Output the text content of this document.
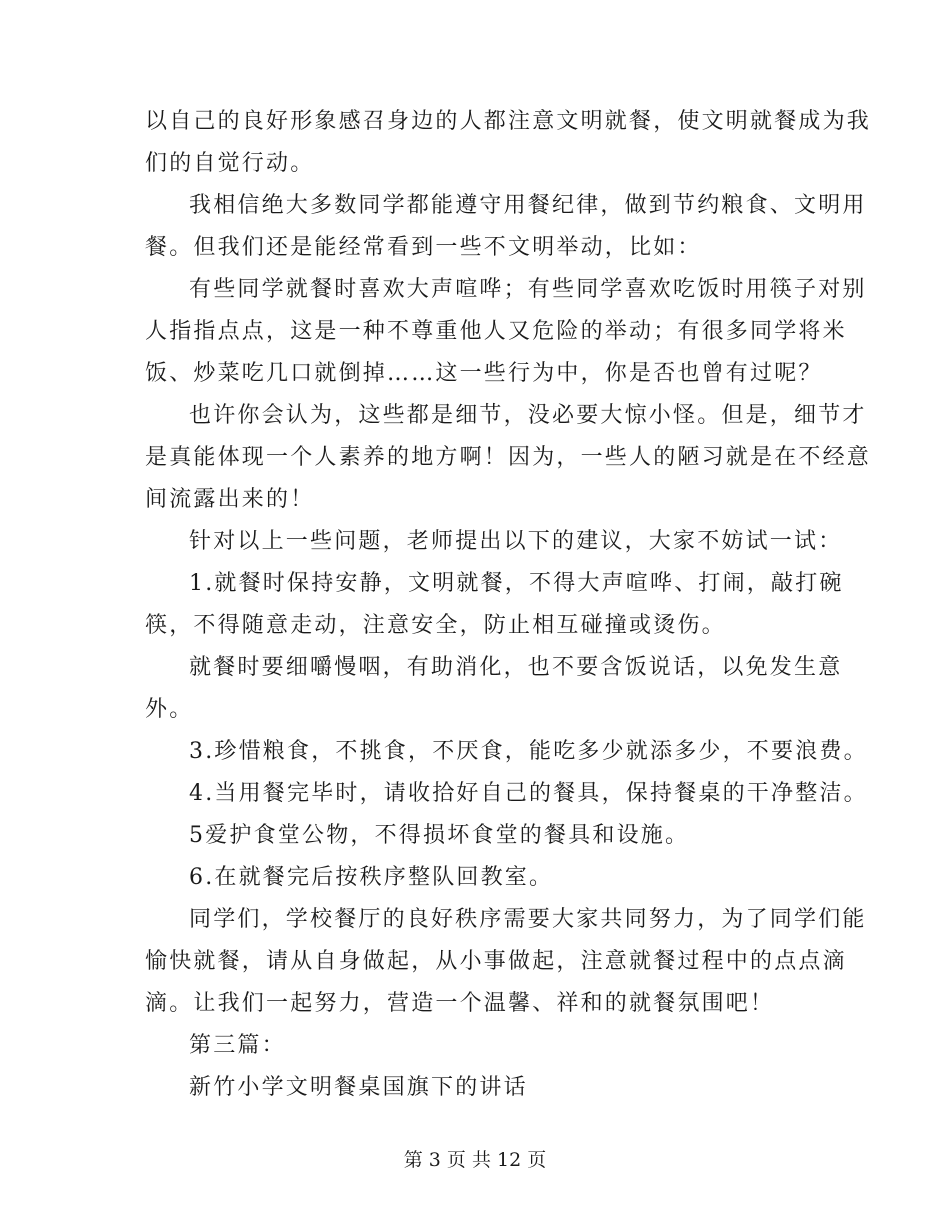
以自己的良好形象感召身边的人都注意文明就餐，使文明就餐成为我
们的自觉行动。
我相信绝大多数同学都能遵守用餐纪律，做到节约粮食、文明用
餐。但我们还是能经常看到一些不文明举动，比如：
有些同学就餐时喜欢大声喧哗；有些同学喜欢吃饭时用筷子对别
人指指点点，这是一种不尊重他人又危险的举动；有很多同学将米
饭、炒菜吃几口就倒掉……这一些行为中，你是否也曾有过呢？
也许你会认为，这些都是细节，没必要大惊小怪。但是，细节才
是真能体现一个人素养的地方啊！因为，一些人的陋习就是在不经意
间流露出来的！
针对以上一些问题，老师提出以下的建议，大家不妨试一试：
1.就餐时保持安静，文明就餐，不得大声喧哗、打闹，敲打碗
筷，不得随意走动，注意安全，防止相互碰撞或烫伤。
就餐时要细嚼慢咽，有助消化，也不要含饭说话，以免发生意
外。
3.珍惜粮食，不挑食，不厌食，能吃多少就添多少，不要浪费。
4.当用餐完毕时，请收拾好自己的餐具，保持餐桌的干净整洁。
5爱护食堂公物，不得损坏食堂的餐具和设施。
6.在就餐完后按秩序整队回教室。
同学们，学校餐厅的良好秩序需要大家共同努力，为了同学们能
愉快就餐，请从自身做起，从小事做起，注意就餐过程中的点点滴
滴。让我们一起努力，营造一个温馨、祥和的就餐氛围吧！
第三篇：
新竹小学文明餐桌国旗下的讲话
第 3 页 共 12 页
